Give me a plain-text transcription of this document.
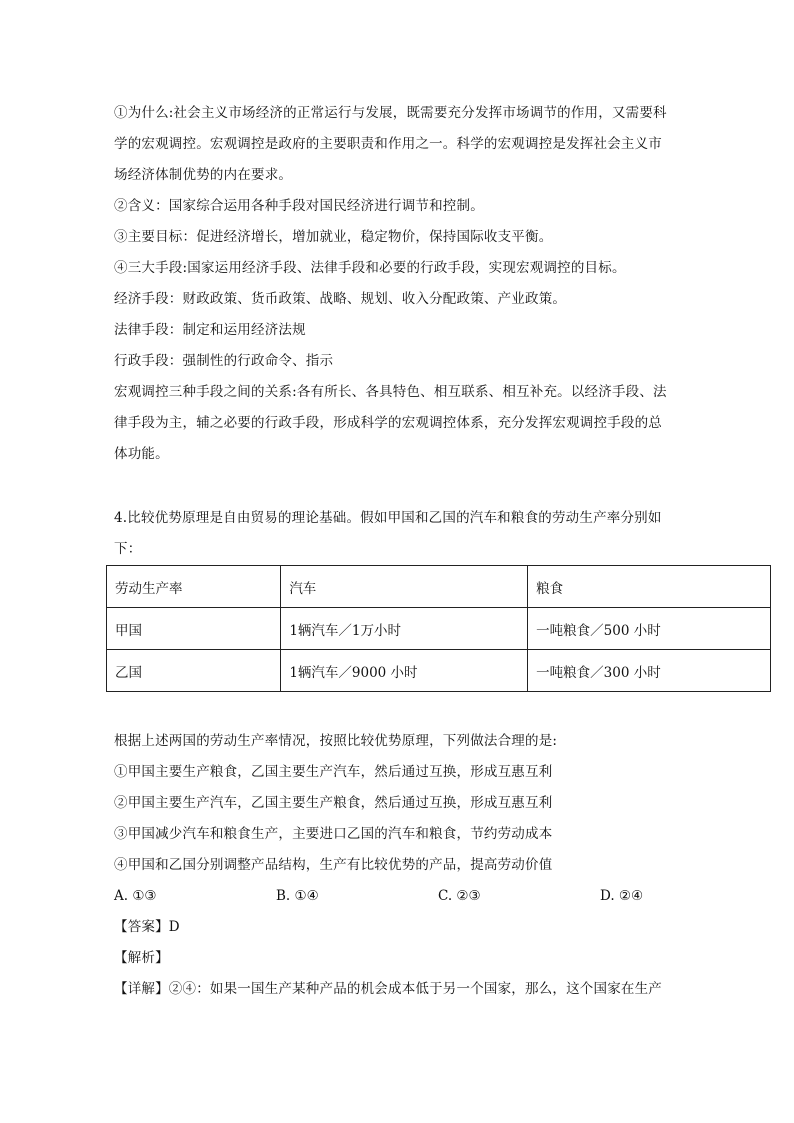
①为什么:社会主义市场经济的正常运行与发展，既需要充分发挥市场调节的作用，又需要科
学的宏观调控。宏观调控是政府的主要职责和作用之一。科学的宏观调控是发挥社会主义市
场经济体制优势的内在要求。
②含义：国家综合运用各种手段对国民经济进行调节和控制。
③主要目标：促进经济增长，增加就业，稳定物价，保持国际收支平衡。
④三大手段:国家运用经济手段、法律手段和必要的行政手段，实现宏观调控的目标。
经济手段：财政政策、货币政策、战略、规划、收入分配政策、产业政策。
法律手段：制定和运用经济法规
行政手段：强制性的行政命令、指示
宏观调控三种手段之间的关系:各有所长、各具特色、相互联系、相互补充。以经济手段、法
律手段为主，辅之必要的行政手段，形成科学的宏观调控体系，充分发挥宏观调控手段的总
体功能。
4.比较优势原理是自由贸易的理论基础。假如甲国和乙国的汽车和粮食的劳动生产率分别如
下：
劳动生产率	汽车	粮食
甲国	1辆汽车／1万小时	一吨粮食／500 小时
乙国	1辆汽车／9000 小时	一吨粮食／300 小时
根据上述两国的劳动生产率情况，按照比较优势原理，下列做法合理的是:
①甲国主要生产粮食，乙国主要生产汽车，然后通过互换，形成互惠互利
②甲国主要生产汽车，乙国主要生产粮食，然后通过互换，形成互惠互利
③甲国减少汽车和粮食生产，主要进口乙国的汽车和粮食，节约劳动成本
④甲国和乙国分别调整产品结构，生产有比较优势的产品，提高劳动价值
A. ①③	B. ①④	C. ②③	D. ②④
【答案】D
【解析】
【详解】②④：如果一国生产某种产品的机会成本低于另一个国家，那么，这个国家在生产
